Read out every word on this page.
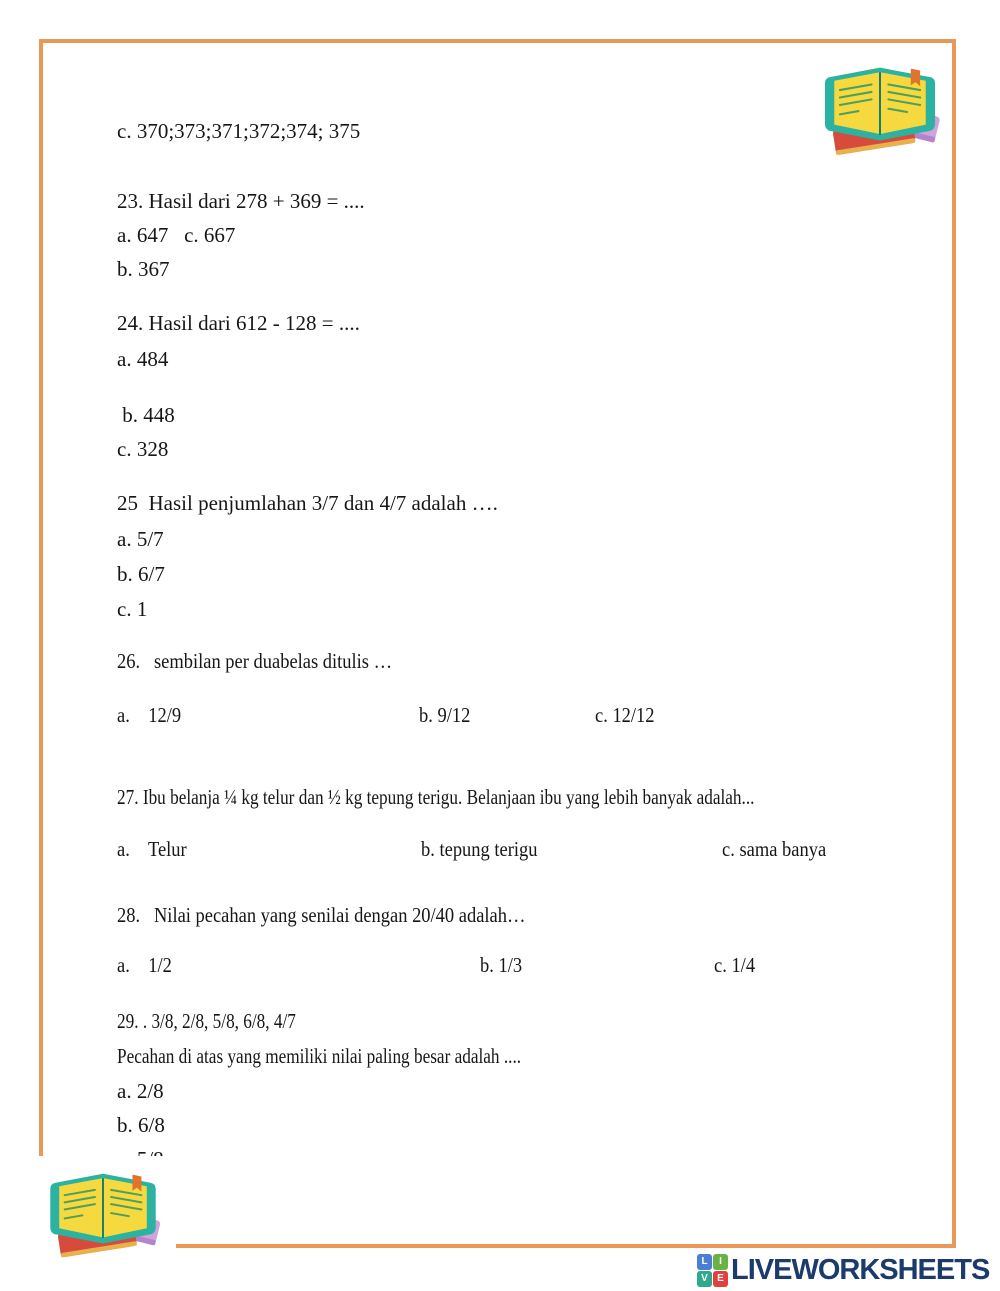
c. 370;373;371;372;374; 375
23. Hasil dari 278 + 369 = ....
a. 647   c. 667
b. 367
24. Hasil dari 612 - 128 = ....
a. 484
b. 448
c. 328
25  Hasil penjumlahan 3/7 dan 4/7 adalah ….
a. 5/7
b. 6/7
c. 1
26.   sembilan per duabelas ditulis …

a.    12/9

	b. 9/12

	c. 12/12

27. Ibu belanja ¼ kg telur dan ½ kg tepung terigu. Belanjaan ibu yang lebih banyak adalah...

a.    Telur

	b. tepung terigu

	c. sama banya

28.   Nilai pecahan yang senilai dengan 20/40 adalah…

a.    1/2

	b. 1/3

	c. 1/4

29. . 3/8, 2/8, 5/8, 6/8, 4/7
Pecahan di atas yang memiliki nilai paling besar adalah ....
a. 2/8
b. 6/8
L	I
V E LIVEWORKSHEETS
